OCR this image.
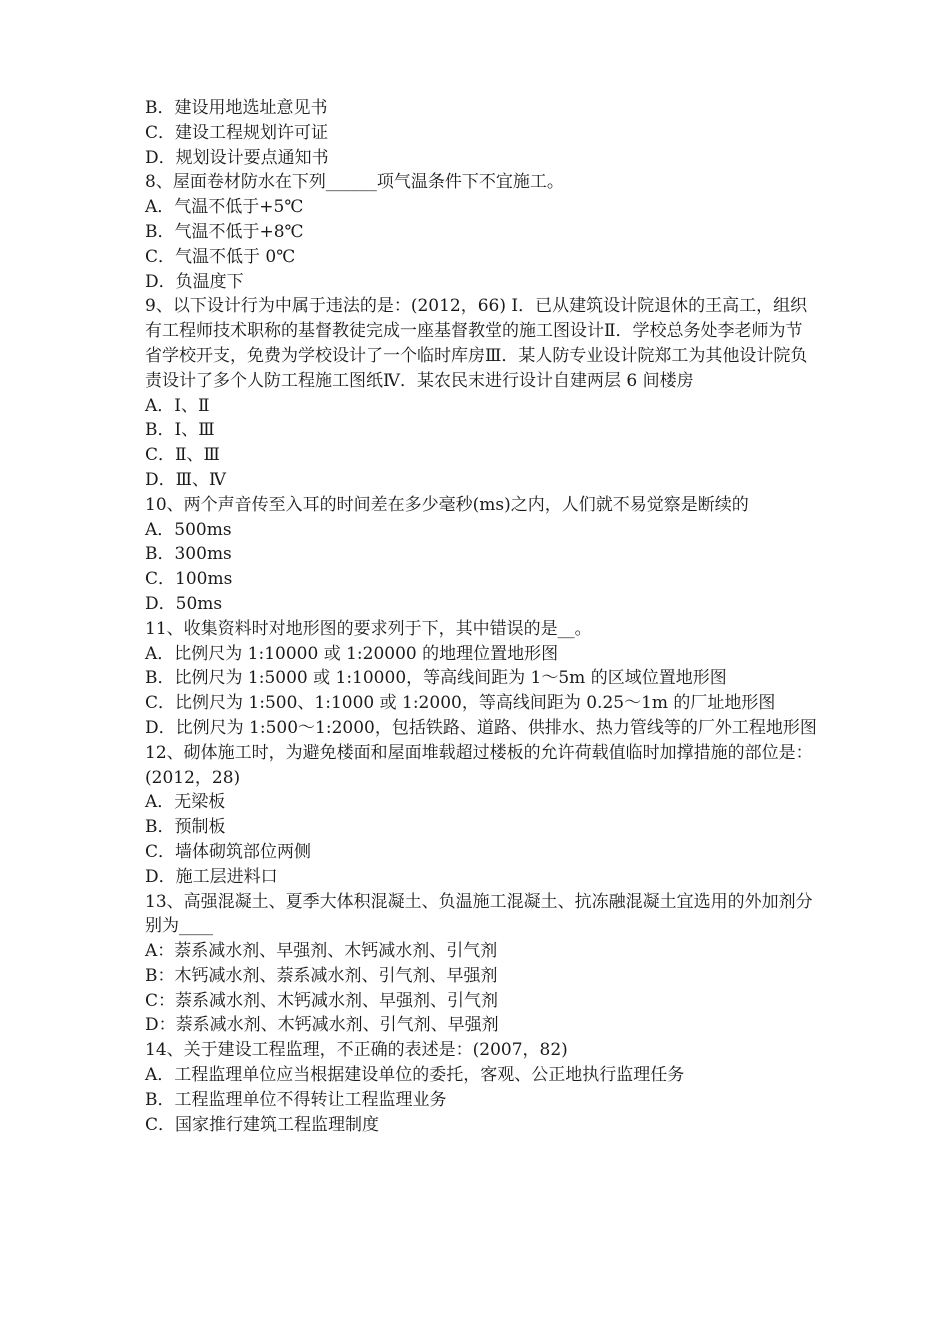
B．建设用地选址意见书

C．建设工程规划许可证

D．规划设计要点通知书

8、屋面卷材防水在下列______项气温条件下不宜施工。

A．气温不低于+5℃

B．气温不低于+8℃

C．气温不低于 0℃

D．负温度下

9、以下设计行为中属于违法的是：(2012，66) Ⅰ．已从建筑设计院退休的王高工，组织有工程师技术职称的基督教徒完成一座基督教堂的施工图设计Ⅱ．学校总务处李老师为节省学校开支，免费为学校设计了一个临时库房Ⅲ．某人防专业设计院郑工为其他设计院负责设计了多个人防工程施工图纸Ⅳ．某农民末进行设计自建两层 6 间楼房

A．Ⅰ、Ⅱ

B．Ⅰ、Ⅲ

C．Ⅱ、Ⅲ

D．Ⅲ、Ⅳ

10、两个声音传至入耳的时间差在多少毫秒(ms)之内，人们就不易觉察是断续的

A．500ms

B．300ms

C．100ms

D．50ms

11、收集资料时对地形图的要求列于下，其中错误的是__。

A．比例尺为 1:10000 或 1:20000 的地理位置地形图

B．比例尺为 1:5000 或 1:10000，等高线间距为 1～5m 的区域位置地形图

C．比例尺为 1:500、1:1000 或 1:2000，等高线间距为 0.25～1m 的厂址地形图

D．比例尺为 1:500～1:2000，包括铁路、道路、供排水、热力管线等的厂外工程地形图

12、砌体施工时，为避免楼面和屋面堆载超过楼板的允许荷载值临时加撑措施的部位是：(2012，28)

A．无梁板

B．预制板

C．墙体砌筑部位两侧

D．施工层进料口

13、高强混凝土、夏季大体积混凝土、负温施工混凝土、抗冻融混凝土宜选用的外加剂分别为____

A：萘系减水剂、早强剂、木钙减水剂、引气剂

B：木钙减水剂、萘系减水剂、引气剂、早强剂

C：萘系减水剂、木钙减水剂、早强剂、引气剂

D：萘系减水剂、木钙减水剂、引气剂、早强剂

14、关于建设工程监理，不正确的表述是：(2007，82)

A．工程监理单位应当根据建设单位的委托，客观、公正地执行监理任务

B．工程监理单位不得转让工程监理业务

C．国家推行建筑工程监理制度
